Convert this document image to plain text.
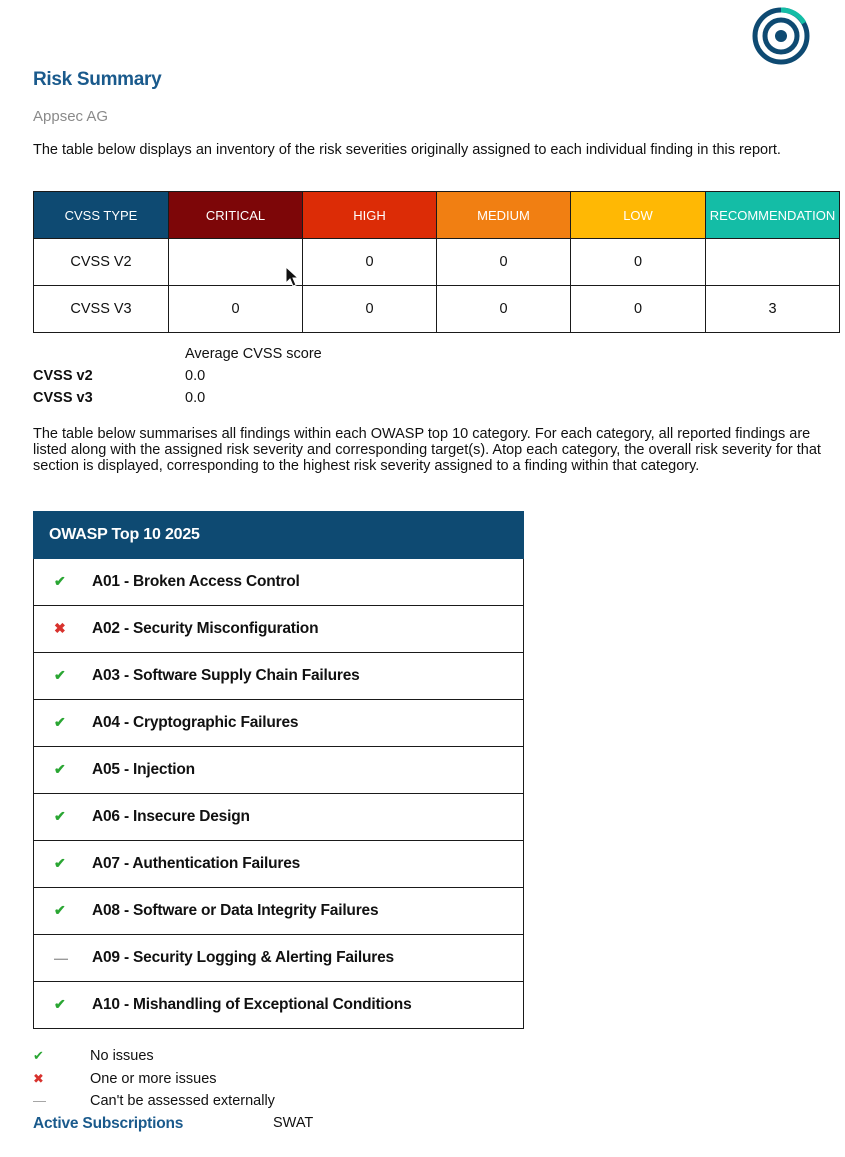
Risk Summary
Appsec AG
The table below displays an inventory of the risk severities originally assigned to each individual finding in this report.
CVSS TYPE	CRITICAL	HIGH	MEDIUM	LOW	RECOMMENDATION
CVSS V2		0	0	0	
CVSS V3	0	0	0	0	3
Average CVSS score
CVSS v2	0.0
CVSS v3	0.0
The table below summarises all findings within each OWASP top 10 category. For each category, all reported findings are listed along with the assigned risk severity and corresponding target(s). Atop each category, the overall risk severity for that section is displayed, corresponding to the highest risk severity assigned to a finding within that category.
OWASP Top 10 2025
✔ A01 - Broken Access Control
✖ A02 - Security Misconfiguration
✔ A03 - Software Supply Chain Failures
✔ A04 - Cryptographic Failures
✔ A05 - Injection
✔ A06 - Insecure Design
✔ A07 - Authentication Failures
✔ A08 - Software or Data Integrity Failures
— A09 - Security Logging & Alerting Failures
✔ A10 - Mishandling of Exceptional Conditions
✔	No issues
✖	One or more issues
—	Can't be assessed externally
Active Subscriptions	SWAT
